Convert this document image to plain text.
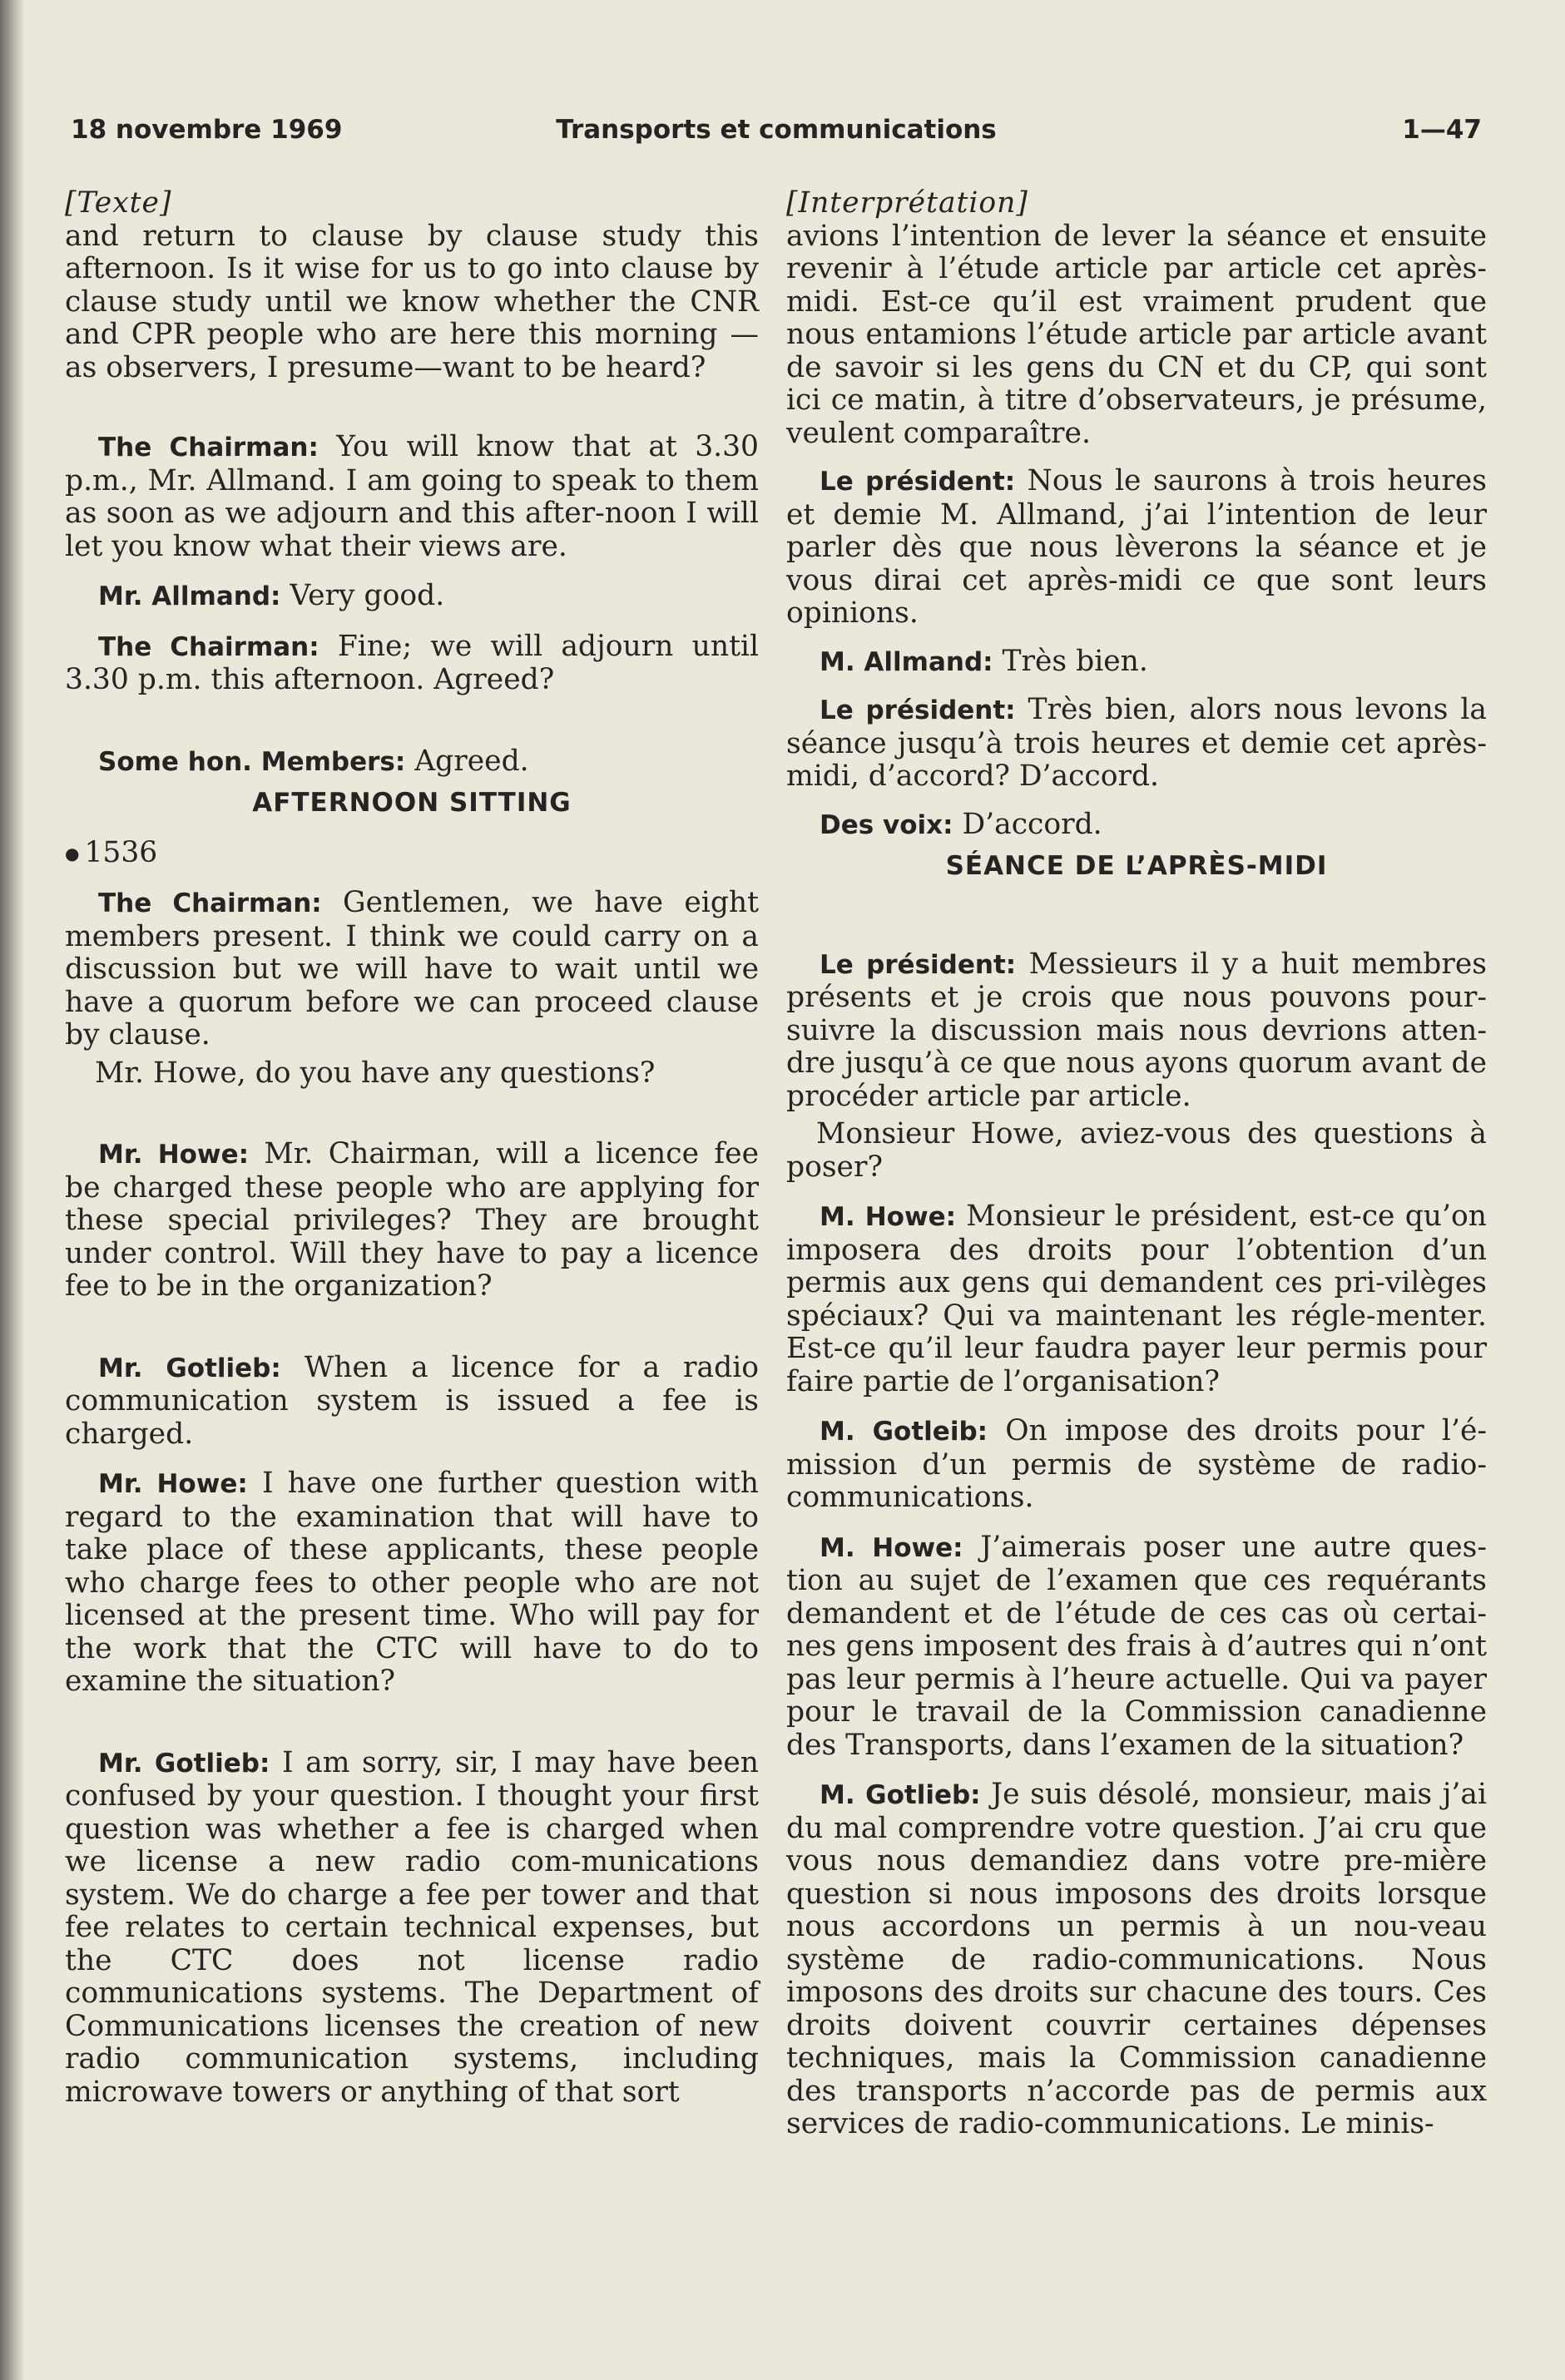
18 novembre 1969	Transports et communications	1—47

[Texte]

and return to clause by clause study this afternoon. Is it wise for us to go into clause by clause study until we know whether the CNR and CPR people who are here this morning —as observers, I presume—want to be heard?

The Chairman: You will know that at 3.30 p.m., Mr. Allmand. I am going to speak to them as soon as we adjourn and this after-noon I will let you know what their views are.

Mr. Allmand: Very good.

The Chairman: Fine; we will adjourn until 3.30 p.m. this afternoon. Agreed?

Some hon. Members: Agreed.

AFTERNOON SITTING

● 1536

The Chairman: Gentlemen, we have eight members present. I think we could carry on a discussion but we will have to wait until we have a quorum before we can proceed clause by clause.

Mr. Howe, do you have any questions?

Mr. Howe: Mr. Chairman, will a licence fee be charged these people who are applying for these special privileges? They are brought under control. Will they have to pay a licence fee to be in the organization?

Mr. Gotlieb: When a licence for a radio communication system is issued a fee is charged.

Mr. Howe: I have one further question with regard to the examination that will have to take place of these applicants, these people who charge fees to other people who are not licensed at the present time. Who will pay for the work that the CTC will have to do to examine the situation?

Mr. Gotlieb: I am sorry, sir, I may have been confused by your question. I thought your first question was whether a fee is charged when we license a new radio com-munications system. We do charge a fee per tower and that fee relates to certain technical expenses, but the CTC does not license radio communications systems. The Department of Communications licenses the creation of new radio communication systems, including microwave towers or anything of that sort

[Interprétation]

avions l’intention de lever la séance et ensuite revenir à l’étude article par article cet après-midi. Est-ce qu’il est vraiment prudent que nous entamions l’étude article par article avant de savoir si les gens du CN et du CP, qui sont ici ce matin, à titre d’observateurs, je présume, veulent comparaître.

Le président: Nous le saurons à trois heures et demie M. Allmand, j’ai l’intention de leur parler dès que nous lèverons la séance et je vous dirai cet après-midi ce que sont leurs opinions.

M. Allmand: Très bien.

Le président: Très bien, alors nous levons la séance jusqu’à trois heures et demie cet après-midi, d’accord? D’accord.

Des voix: D’accord.

SÉANCE DE L’APRÈS-MIDI

Le président: Messieurs il y a huit membres présents et je crois que nous pouvons pour-suivre la discussion mais nous devrions atten-dre jusqu’à ce que nous ayons quorum avant de procéder article par article.

Monsieur Howe, aviez-vous des questions à poser?

M. Howe: Monsieur le président, est-ce qu’on imposera des droits pour l’obtention d’un permis aux gens qui demandent ces pri-vilèges spéciaux? Qui va maintenant les régle-menter. Est-ce qu’il leur faudra payer leur permis pour faire partie de l’organisation?

M. Gotleib: On impose des droits pour l’é-mission d’un permis de système de radio-communications.

M. Howe: J’aimerais poser une autre ques-tion au sujet de l’examen que ces requérants demandent et de l’étude de ces cas où certai-nes gens imposent des frais à d’autres qui n’ont pas leur permis à l’heure actuelle. Qui va payer pour le travail de la Commission canadienne des Transports, dans l’examen de la situation?

M. Gotlieb: Je suis désolé, monsieur, mais j’ai du mal comprendre votre question. J’ai cru que vous nous demandiez dans votre pre-mière question si nous imposons des droits lorsque nous accordons un permis à un nou-veau système de radio-communications. Nous imposons des droits sur chacune des tours. Ces droits doivent couvrir certaines dépenses techniques, mais la Commission canadienne des transports n’accorde pas de permis aux services de radio-communications. Le minis-
